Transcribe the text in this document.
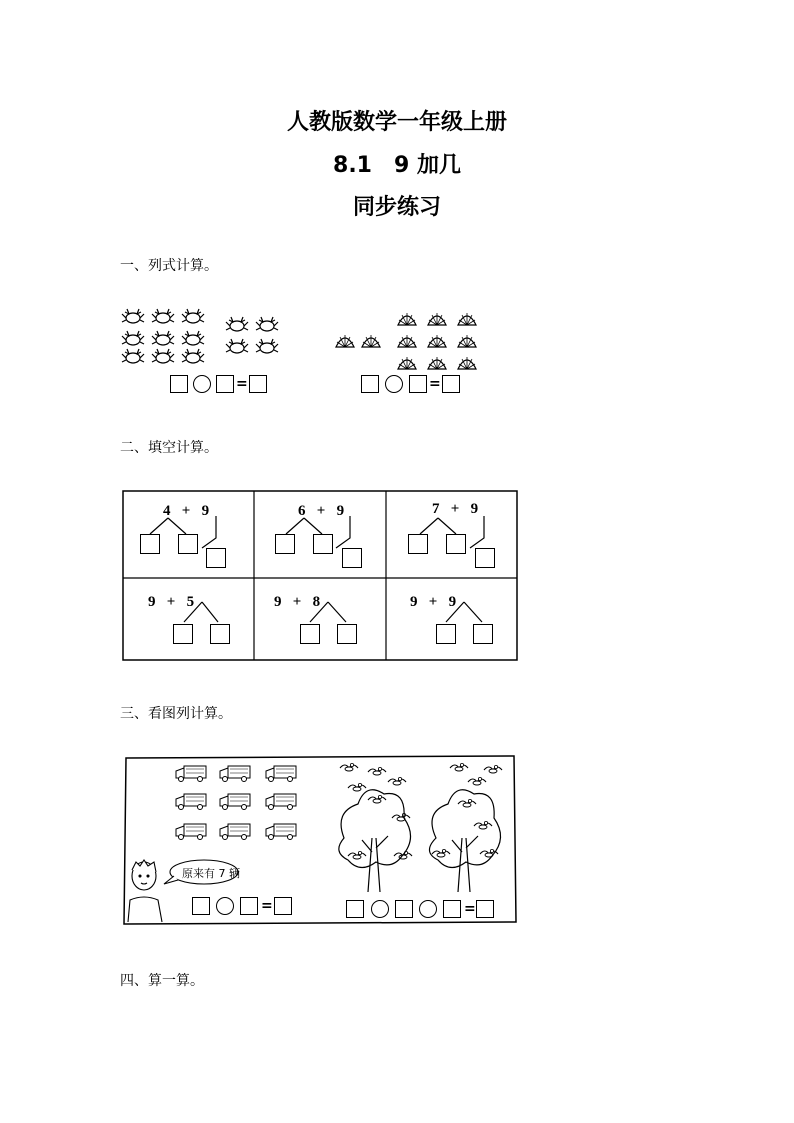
人教版数学一年级上册
8.1　9 加几
同步练习
一、列式计算。
=	=
二、填空计算。
4 + 9	6 + 9	7 + 9
9 + 5	9 + 8	9 + 9
三、看图列计算。
原来有 7 辆
=	=
四、算一算。
